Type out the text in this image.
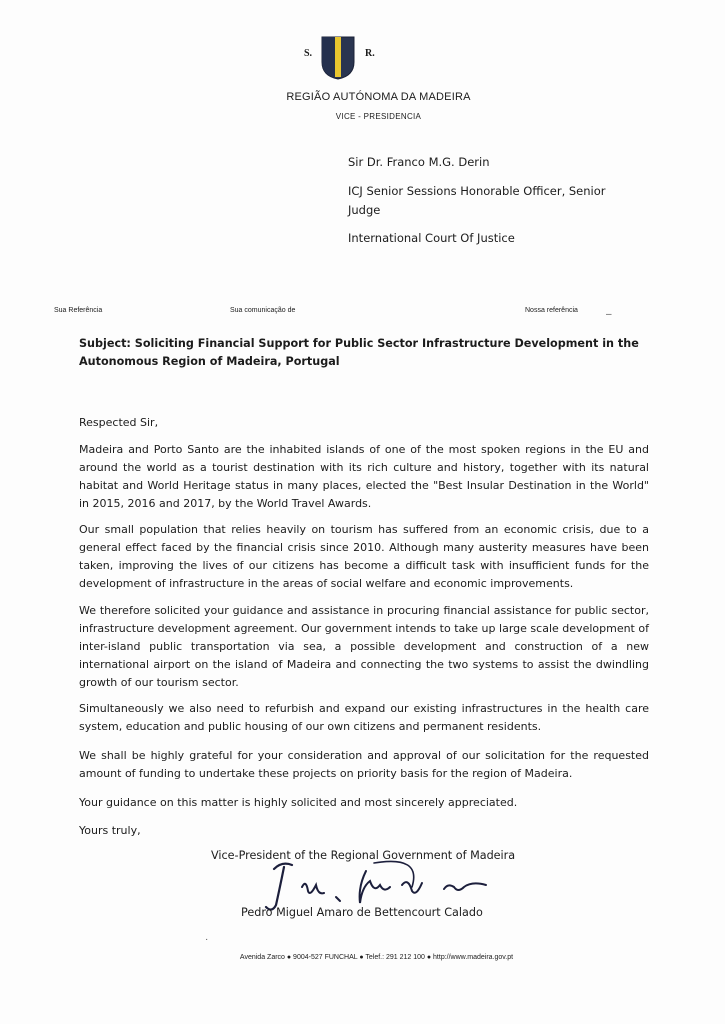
S.	R.
REGIÃO AUTÓNOMA DA MADEIRA
VICE - PRESIDENCIA
Sir Dr. Franco M.G. Derin
ICJ Senior Sessions Honorable Officer, Senior
Judge
International Court Of Justice
Sua Referência	Sua comunicação de	Nossa referência	–
Subject: Soliciting Financial Support for Public Sector Infrastructure Development in the Autonomous Region of Madeira, Portugal
Respected Sir,

Madeira and Porto Santo are the inhabited islands of one of the most spoken regions in the EU and around the world as a tourist destination with its rich culture and history, together with its natural habitat and World Heritage status in many places, elected the "Best Insular Destination in the World" in 2015, 2016 and 2017, by the World Travel Awards.

Our small population that relies heavily on tourism has suffered from an economic crisis, due to a general effect faced by the financial crisis since 2010. Although many austerity measures have been taken, improving the lives of our citizens has become a difficult task with insufficient funds for the development of infrastructure in the areas of social welfare and economic improvements.

We therefore solicited your guidance and assistance in procuring financial assistance for public sector, infrastructure development agreement. Our government intends to take up large scale development of inter-island public transportation via sea, a possible development and construction of a new international airport on the island of Madeira and connecting the two systems to assist the dwindling growth of our tourism sector.

Simultaneously we also need to refurbish and expand our existing infrastructures in the health care system, education and public housing of our own citizens and permanent residents.

We shall be highly grateful for your consideration and approval of our solicitation for the requested amount of funding to undertake these projects on priority basis for the region of Madeira.

Your guidance on this matter is highly solicited and most sincerely appreciated.

Yours truly,
Vice-President of the Regional Government of Madeira
Pedro Miguel Amaro de Bettencourt Calado
·
Avenida Zarco ● 9004-527 FUNCHAL ● Telef.: 291 212 100 ● http://www.madeira.gov.pt
